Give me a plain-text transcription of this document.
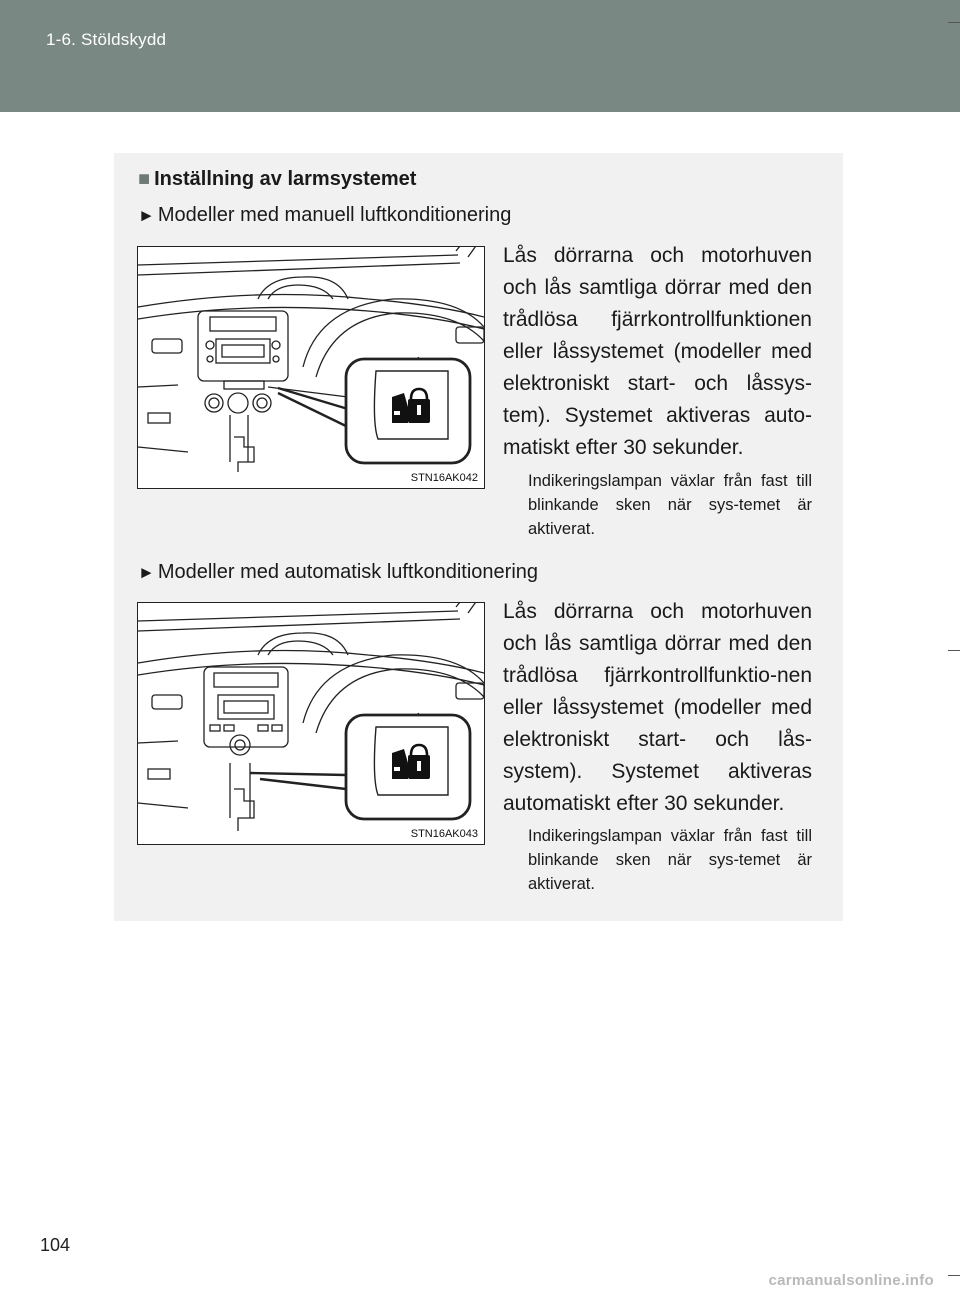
1-6. Stöldskydd
■ Inställning av larmsystemet
► Modeller med manuell luftkonditionering
STN16AK042
Lås dörrarna och motorhuven och lås samtliga dörrar med den trådlösa fjärrkontrollfunktionen eller låssystemet (modeller med elektroniskt start- och låssys-tem). Systemet aktiveras auto-matiskt efter 30 sekunder.
Indikeringslampan växlar från fast till blinkande sken när sys-temet är aktiverat.
► Modeller med automatisk luftkonditionering
STN16AK043
Lås dörrarna och motorhuven och lås samtliga dörrar med den trådlösa fjärrkontrollfunktio-nen eller låssystemet (modeller med elektroniskt start- och lås-system). Systemet aktiveras automatiskt efter 30 sekunder.
Indikeringslampan växlar från fast till blinkande sken när sys-temet är aktiverat.
104
carmanualsonline.info
